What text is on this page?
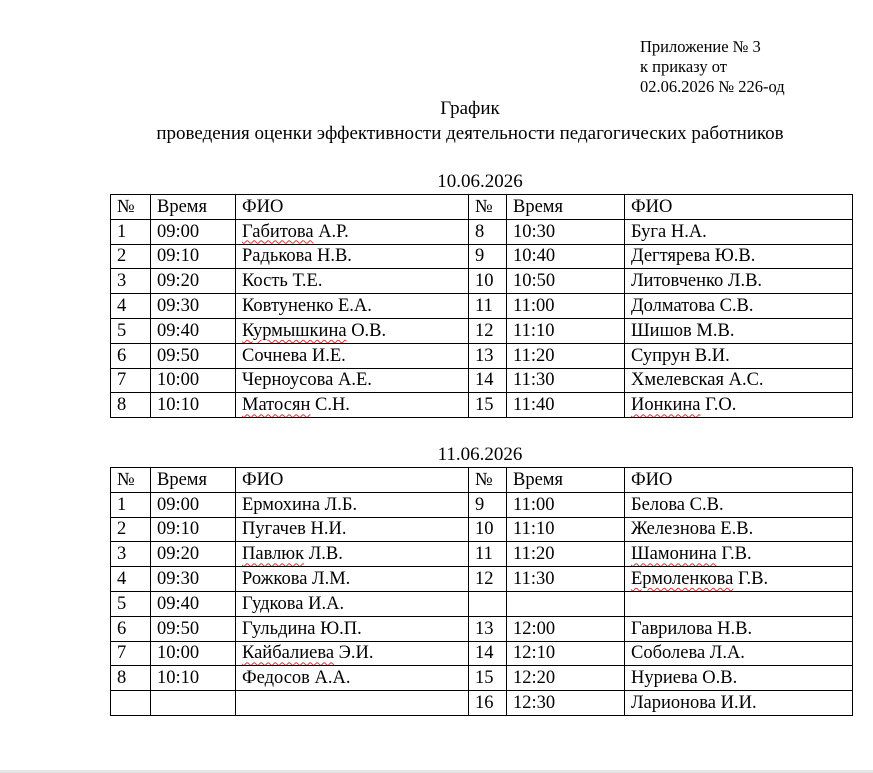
Приложение № 3
к приказу от
02.06.2026 № 226-од
График
проведения оценки эффективности деятельности педагогических работников
10.06.2026
№	Время	ФИО	№	Время	ФИО
1	09:00	Габитова А.Р.	8	10:30	Буга Н.А.
2	09:10	Радькова Н.В.	9	10:40	Дегтярева Ю.В.
3	09:20	Кость Т.Е.	10	10:50	Литовченко Л.В.
4	09:30	Ковтуненко Е.А.	11	11:00	Долматова С.В.
5	09:40	Курмышкина О.В.	12	11:10	Шишов М.В.
6	09:50	Сочнева И.Е.	13	11:20	Супрун В.И.
7	10:00	Черноусова А.Е.	14	11:30	Хмелевская А.С.
8	10:10	Матосян С.Н.	15	11:40	Ионкина Г.О.
11.06.2026
№	Время	ФИО	№	Время	ФИО
1	09:00	Ермохина Л.Б.	9	11:00	Белова С.В.
2	09:10	Пугачев Н.И.	10	11:10	Железнова Е.В.
3	09:20	Павлюк Л.В.	11	11:20	Шамонина Г.В.
4	09:30	Рожкова Л.М.	12	11:30	Ермоленкова Г.В.
5	09:40	Гудкова И.А.			
6	09:50	Гульдина Ю.П.	13	12:00	Гаврилова Н.В.
7	10:00	Кайбалиева Э.И.	14	12:10	Соболева Л.А.
8	10:10	Федосов А.А.	15	12:20	Нуриева О.В.
			16	12:30	Ларионова И.И.
